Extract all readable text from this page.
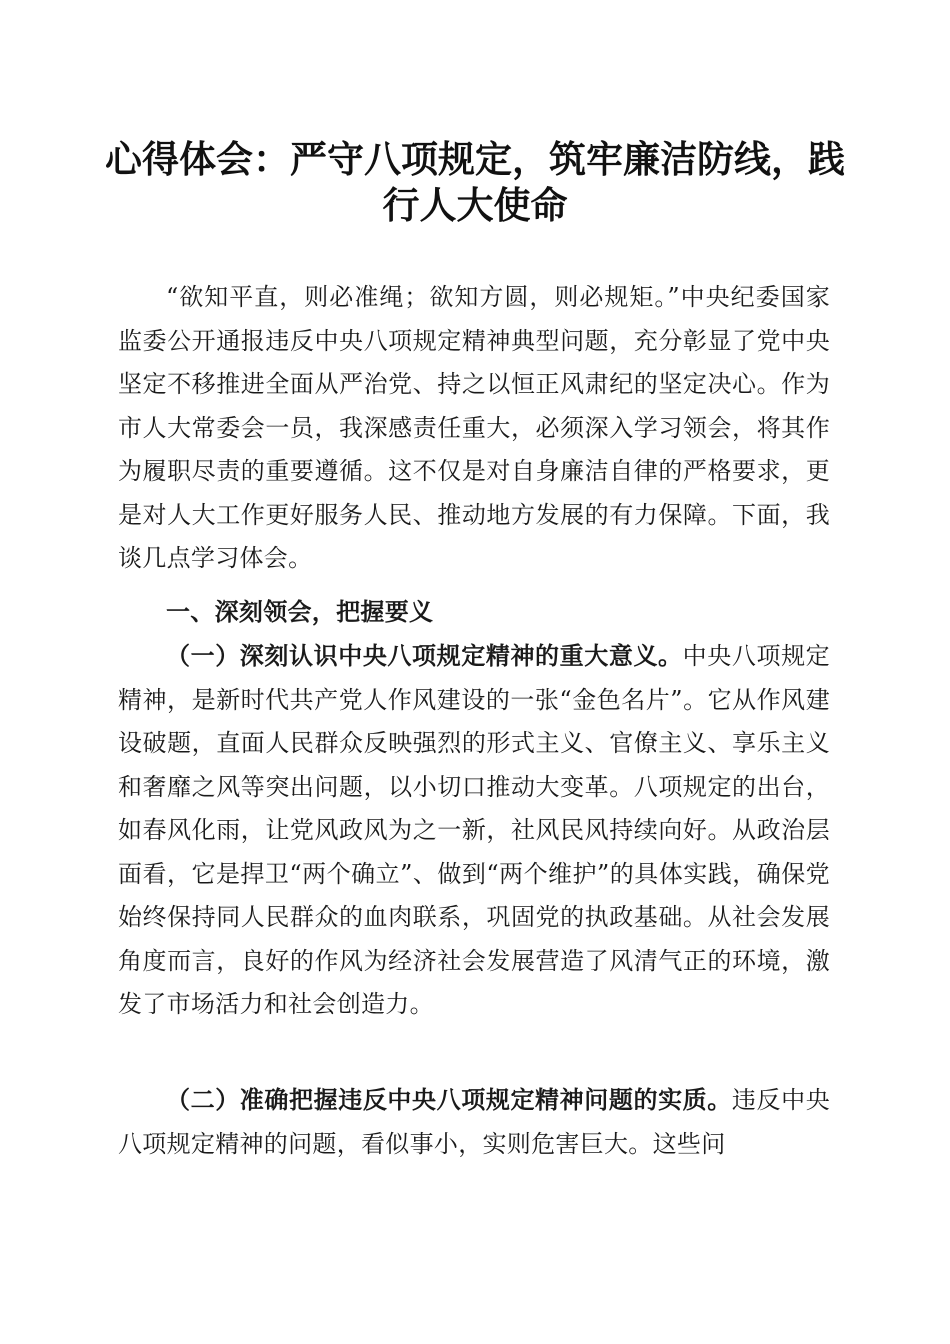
心得体会：严守八项规定，筑牢廉洁防线，践行人大使命

“欲知平直，则必准绳；欲知方圆，则必规矩。”中央纪委国家监委公开通报违反中央八项规定精神典型问题，充分彰显了党中央坚定不移推进全面从严治党、持之以恒正风肃纪的坚定决心。作为市人大常委会一员，我深感责任重大，必须深入学习领会，将其作为履职尽责的重要遵循。这不仅是对自身廉洁自律的严格要求，更是对人大工作更好服务人民、推动地方发展的有力保障。下面，我谈几点学习体会。

一、深刻领会，把握要义

（一）深刻认识中央八项规定精神的重大意义。中央八项规定精神，是新时代共产党人作风建设的一张“金色名片”。它从作风建设破题，直面人民群众反映强烈的形式主义、官僚主义、享乐主义和奢靡之风等突出问题，以小切口推动大变革。八项规定的出台，如春风化雨，让党风政风为之一新，社风民风持续向好。从政治层面看，它是捍卫“两个确立”、做到“两个维护”的具体实践，确保党始终保持同人民群众的血肉联系，巩固党的执政基础。从社会发展角度而言，良好的作风为经济社会发展营造了风清气正的环境，激发了市场活力和社会创造力。

（二）准确把握违反中央八项规定精神问题的实质。违反中央八项规定精神的问题，看似事小，实则危害巨大。这些问
